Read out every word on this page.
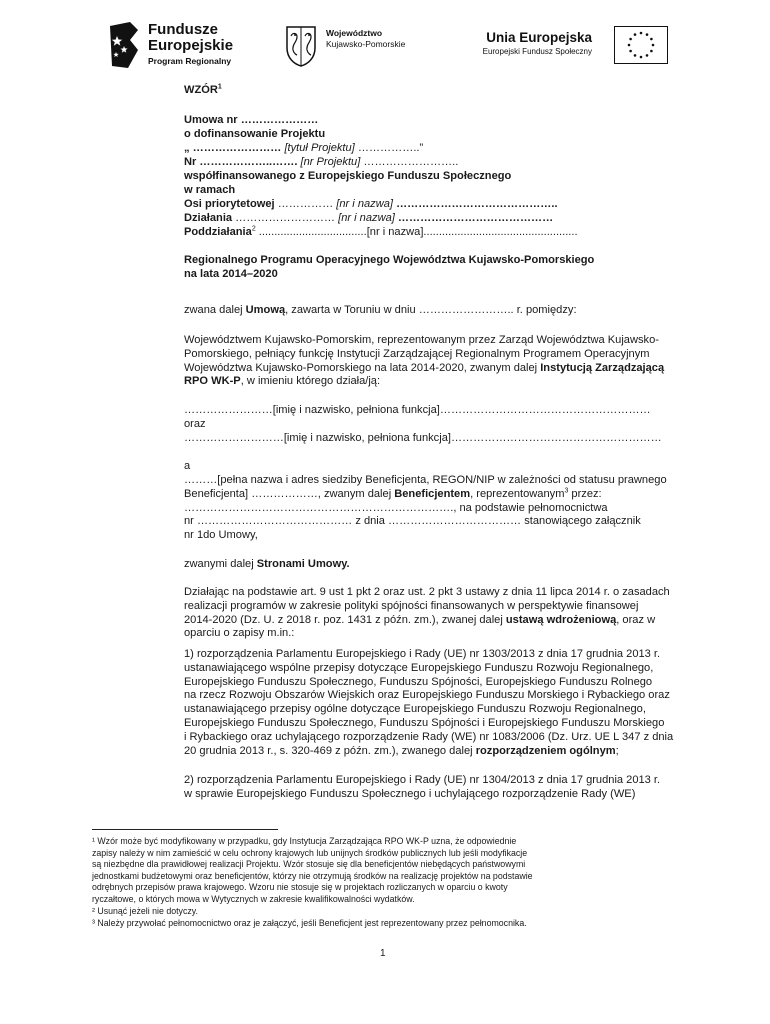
Fundusze
Europejskie
Program Regionalny
Województwo
Kujawsko-Pomorskie	Unia Europejska
Europejski Fundusz Społeczny
WZÓR$^1$
Umowa nr …………………
o dofinansowanie Projektu
„ …………………… [tytuł Projektu] ……………..”
Nr ………………..……. [nr Projektu] ……………………..
współfinansowanego z Europejskiego Funduszu Społecznego
w ramach
Osi priorytetowej …………… [nr i nazwa] ……………………………………..
Działania ……………………… [nr i nazwa] ……………………………………
Poddziałania$^2$ ...................................[nr i nazwa]..................................................
Regionalnego Programu Operacyjnego Województwa Kujawsko-Pomorskiego
na lata 2014–2020
zwana dalej Umową, zawarta w Toruniu w dniu …………………….. r. pomiędzy:
Województwem Kujawsko-Pomorskim, reprezentowanym przez Zarząd Województwa Kujawsko-
Pomorskiego, pełniący funkcję Instytucji Zarządzającej Regionalnym Programem Operacyjnym
Województwa Kujawsko-Pomorskiego na lata 2014-2020, zwanym dalej Instytucją Zarządzającą
RPO WK-P, w imieniu którego działa/ją:
……………………[imię i nazwisko, pełniona funkcja]…………………………………………………
oraz
………………………[imię i nazwisko, pełniona funkcja]…………………………………………………
a
………[pełna nazwa i adres siedziby Beneficjenta, REGON/NIP w zależności od statusu prawnego
Beneficjenta] ………………, zwanym dalej Beneficjentem, reprezentowanym$^3$ przez:
………………………………………………………………., na podstawie pełnomocnictwa
nr …………………………………… z dnia ……………………………… stanowiącego załącznik
nr 1do Umowy,
zwanymi dalej Stronami Umowy.
Działając na podstawie art. 9 ust 1 pkt 2 oraz ust. 2 pkt 3 ustawy z dnia 11 lipca 2014 r. o zasadach
realizacji programów w zakresie polityki spójności finansowanych w perspektywie finansowej
2014-2020 (Dz. U. z 2018 r. poz. 1431 z późn. zm.), zwanej dalej ustawą wdrożeniową, oraz w
oparciu o zapisy m.in.:
1) rozporządzenia Parlamentu Europejskiego i Rady (UE) nr 1303/2013 z dnia 17 grudnia 2013 r.
ustanawiającego wspólne przepisy dotyczące Europejskiego Funduszu Rozwoju Regionalnego,
Europejskiego Funduszu Społecznego, Funduszu Spójności, Europejskiego Funduszu Rolnego
na rzecz Rozwoju Obszarów Wiejskich oraz Europejskiego Funduszu Morskiego i Rybackiego oraz
ustanawiającego przepisy ogólne dotyczące Europejskiego Funduszu Rozwoju Regionalnego,
Europejskiego Funduszu Społecznego, Funduszu Spójności i Europejskiego Funduszu Morskiego
i Rybackiego oraz uchylającego rozporządzenie Rady (WE) nr 1083/2006 (Dz. Urz. UE L 347 z dnia
20 grudnia 2013 r., s. 320-469 z późn. zm.), zwanego dalej rozporządzeniem ogólnym;
2) rozporządzenia Parlamentu Europejskiego i Rady (UE) nr 1304/2013 z dnia 17 grudnia 2013 r.
w sprawie Europejskiego Funduszu Społecznego i uchylającego rozporządzenie Rady (WE)
¹ Wzór może być modyfikowany w przypadku, gdy Instytucja Zarządzająca RPO WK-P uzna, że odpowiednie
zapisy należy w nim zamieścić w celu ochrony krajowych lub unijnych środków publicznych lub jeśli modyfikacje
są niezbędne dla prawidłowej realizacji Projektu. Wzór stosuje się dla beneficjentów niebędących państwowymi
jednostkami budżetowymi oraz beneficjentów, którzy nie otrzymują środków na realizację projektów na podstawie
odrębnych przepisów prawa krajowego. Wzoru nie stosuje się w projektach rozliczanych w oparciu o kwoty
ryczałtowe, o których mowa w Wytycznych w zakresie kwalifikowalności wydatków.
² Usunąć jeżeli nie dotyczy.
³ Należy przywołać pełnomocnictwo oraz je załączyć, jeśli Beneficjent jest reprezentowany przez pełnomocnika.
1
